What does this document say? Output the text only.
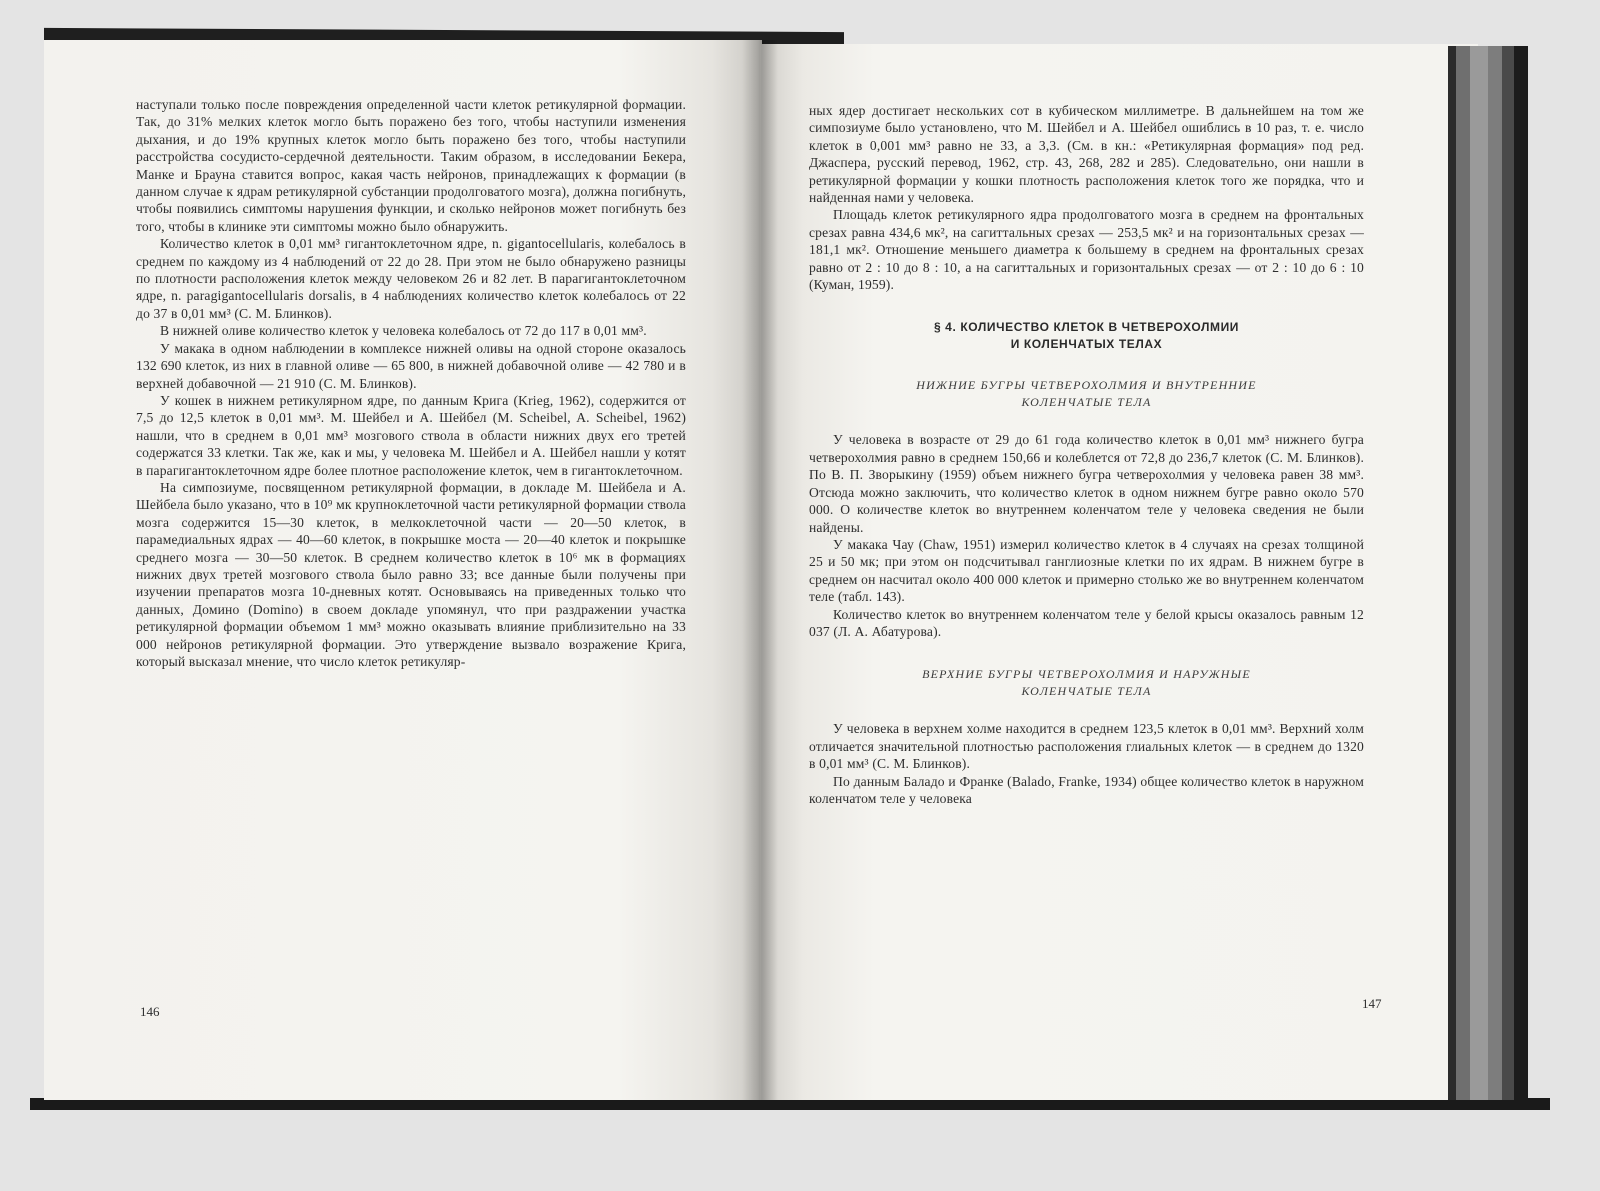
наступали только после повреждения определенной части клеток ретикулярной формации. Так, до 31% мелких клеток могло быть поражено без того, чтобы наступили изменения дыхания, и до 19% крупных клеток могло быть поражено без того, чтобы наступили расстройства сосудисто-сердечной деятельности. Таким образом, в исследовании Бекера, Манке и Брауна ставится вопрос, какая часть нейронов, принадлежащих к формации (в данном случае к ядрам ретикулярной субстанции продолговатого мозга), должна погибнуть, чтобы появились симптомы нарушения функции, и сколько нейронов может погибнуть без того, чтобы в клинике эти симптомы можно было обнаружить.

Количество клеток в 0,01 мм³ гигантоклеточном ядре, n. gigantocellularis, колебалось в среднем по каждому из 4 наблюдений от 22 до 28. При этом не было обнаружено разницы по плотности расположения клеток между человеком 26 и 82 лет. В парагигантоклеточном ядре, n. paragigantocellularis dorsalis, в 4 наблюдениях количество клеток колебалось от 22 до 37 в 0,01 мм³ (С. М. Блинков).

В нижней оливе количество клеток у человека колебалось от 72 до 117 в 0,01 мм³.

У макака в одном наблюдении в комплексе нижней оливы на одной стороне оказалось 132 690 клеток, из них в главной оливе — 65 800, в нижней добавочной оливе — 42 780 и в верхней добавочной — 21 910 (С. М. Блинков).

У кошек в нижнем ретикулярном ядре, по данным Крига (Krieg, 1962), содержится от 7,5 до 12,5 клеток в 0,01 мм³. М. Шейбел и А. Шейбел (M. Scheibel, A. Scheibel, 1962) нашли, что в среднем в 0,01 мм³ мозгового ствола в области нижних двух его третей содержатся 33 клетки. Так же, как и мы, у человека М. Шейбел и А. Шейбел нашли у котят в парагигантоклеточном ядре более плотное расположение клеток, чем в гигантоклеточном.

На симпозиуме, посвященном ретикулярной формации, в докладе М. Шейбела и А. Шейбела было указано, что в 10⁹ мк крупноклеточной части ретикулярной формации ствола мозга содержится 15—30 клеток, в мелкоклеточной части — 20—50 клеток, в парамедиальных ядрах — 40—60 клеток, в покрышке моста — 20—40 клеток и покрышке среднего мозга — 30—50 клеток. В среднем количество клеток в 10⁶ мк в формациях нижних двух третей мозгового ствола было равно 33; все данные были получены при изучении препаратов мозга 10-дневных котят. Основываясь на приведенных только что данных, Домино (Domino) в своем докладе упомянул, что при раздражении участка ретикулярной формации объемом 1 мм³ можно оказывать влияние приблизительно на 33 000 нейронов ретикулярной формации. Это утверждение вызвало возражение Крига, который высказал мнение, что число клеток ретикуляр-

146

ных ядер достигает нескольких сот в кубическом миллиметре. В дальнейшем на том же симпозиуме было установлено, что М. Шейбел и А. Шейбел ошиблись в 10 раз, т. е. число клеток в 0,001 мм³ равно не 33, а 3,3. (См. в кн.: «Ретикулярная формация» под ред. Джаспера, русский перевод, 1962, стр. 43, 268, 282 и 285). Следовательно, они нашли в ретикулярной формации у кошки плотность расположения клеток того же порядка, что и найденная нами у человека.

Площадь клеток ретикулярного ядра продолговатого мозга в среднем на фронтальных срезах равна 434,6 мк², на сагиттальных срезах — 253,5 мк² и на горизонтальных срезах — 181,1 мк². Отношение меньшего диаметра к большему в среднем на фронтальных срезах равно от 2 : 10 до 8 : 10, а на сагиттальных и горизонтальных срезах — от 2 : 10 до 6 : 10 (Куман, 1959).

§ 4. КОЛИЧЕСТВО КЛЕТОК В ЧЕТВЕРОХОЛМИИ
И КОЛЕНЧАТЫХ ТЕЛАХ
НИЖНИЕ БУГРЫ ЧЕТВЕРОХОЛМИЯ И ВНУТРЕННИЕ
КОЛЕНЧАТЫЕ ТЕЛА

У человека в возрасте от 29 до 61 года количество клеток в 0,01 мм³ нижнего бугра четверохолмия равно в среднем 150,66 и колеблется от 72,8 до 236,7 клеток (С. М. Блинков). По В. П. Зворыкину (1959) объем нижнего бугра четверохолмия у человека равен 38 мм³. Отсюда можно заключить, что количество клеток в одном нижнем бугре равно около 570 000. О количестве клеток во внутреннем коленчатом теле у человека сведения не были найдены.

У макака Чау (Chaw, 1951) измерил количество клеток в 4 случаях на срезах толщиной 25 и 50 мк; при этом он подсчитывал ганглиозные клетки по их ядрам. В нижнем бугре в среднем он насчитал около 400 000 клеток и примерно столько же во внутреннем коленчатом теле (табл. 143).

Количество клеток во внутреннем коленчатом теле у белой крысы оказалось равным 12 037 (Л. А. Абатурова).

ВЕРХНИЕ БУГРЫ ЧЕТВЕРОХОЛМИЯ И НАРУЖНЫЕ
КОЛЕНЧАТЫЕ ТЕЛА

У человека в верхнем холме находится в среднем 123,5 клеток в 0,01 мм³. Верхний холм отличается значительной плотностью расположения глиальных клеток — в среднем до 1320 в 0,01 мм³ (С. М. Блинков).

По данным Баладо и Франке (Balado, Franke, 1934) общее количество клеток в наружном коленчатом теле у человека

147
